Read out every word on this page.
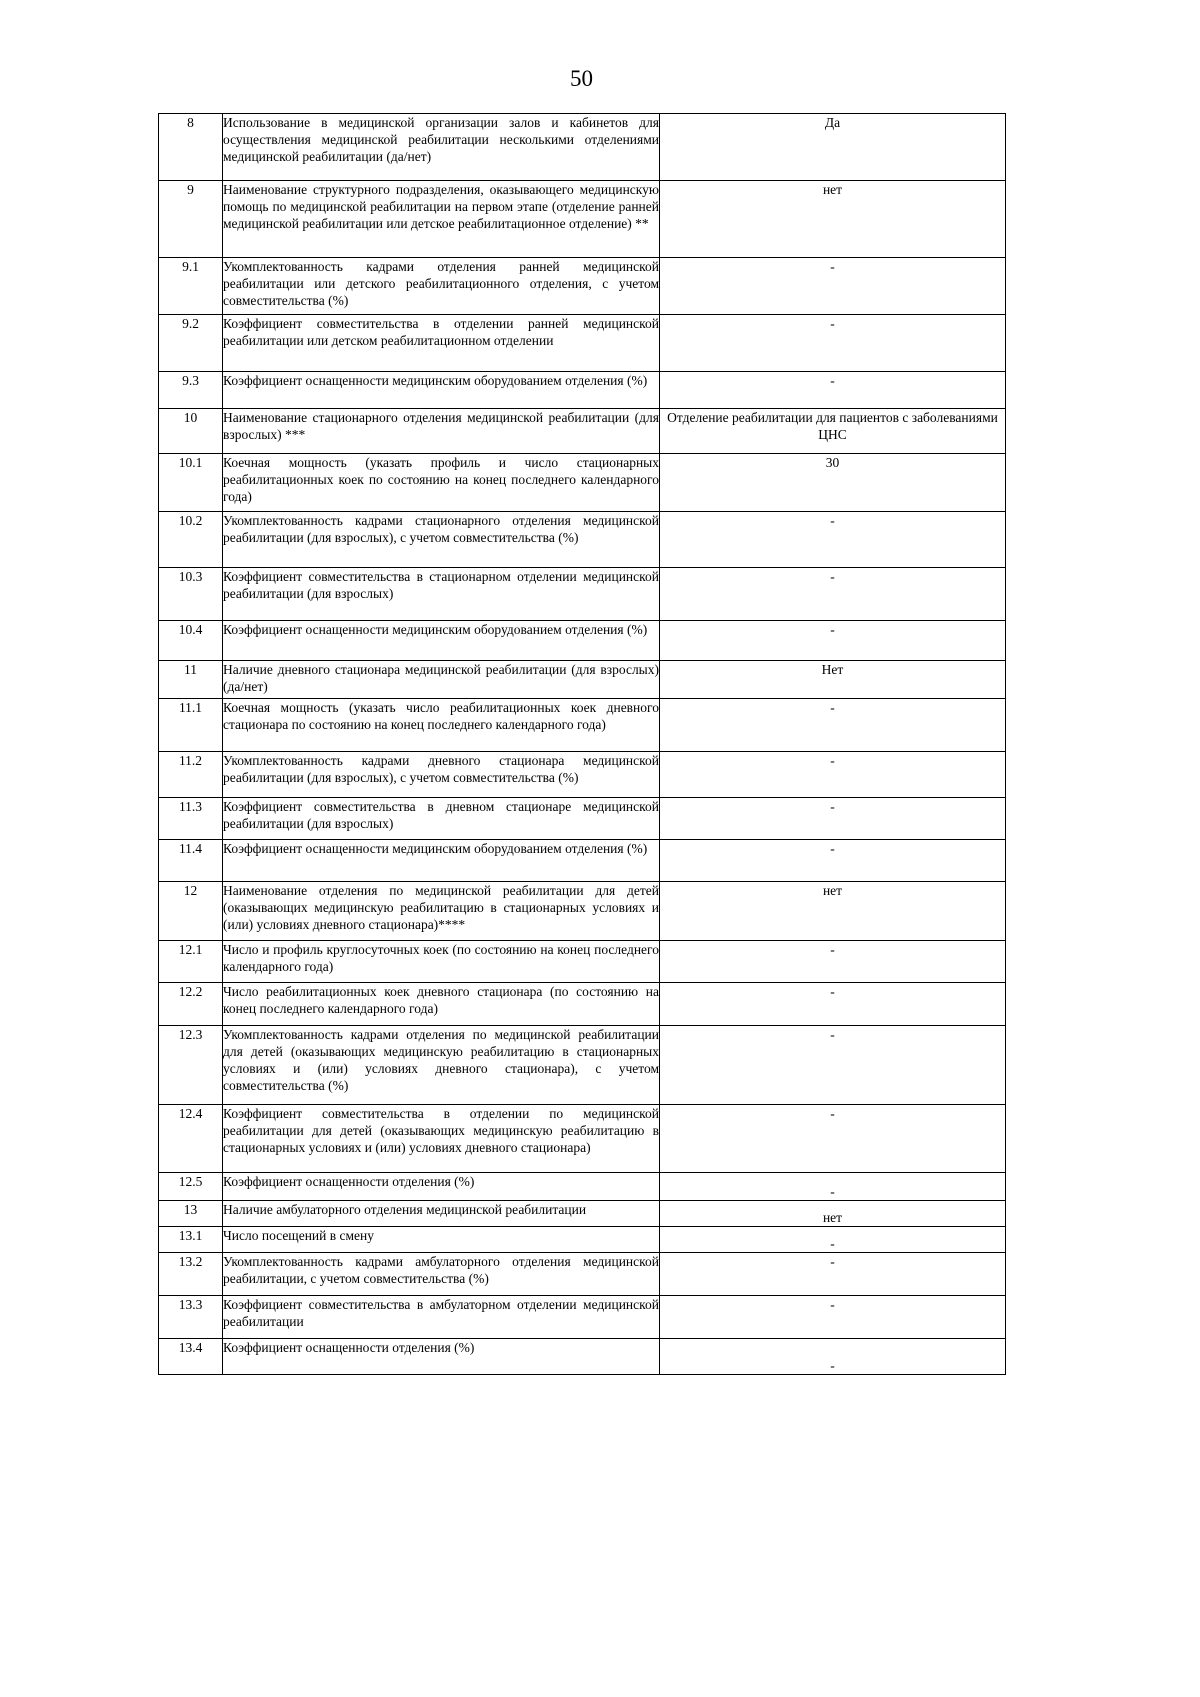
50
8	Использование в медицинской организации залов и кабинетов для осуществления медицинской реабилитации несколькими отделениями медицинской реабилитации (да/нет)	Да
9	Наименование структурного подразделения, оказывающего медицинскую помощь по медицинской реабилитации на первом этапе (отделение ранней медицинской реабилитации или детское реабилитационное отделение) **	нет
9.1	Укомплектованность кадрами отделения ранней медицинской реабилитации или детского реабилитационного отделения, с учетом совместительства (%)	-
9.2	Коэффициент совместительства в отделении ранней медицинской реабилитации или детском реабилитационном отделении	-
9.3	Коэффициент оснащенности медицинским оборудованием отделения (%)	-
10	Наименование стационарного отделения медицинской реабилитации (для взрослых) ***	Отделение реабилитации для пациентов с заболеваниями ЦНС
10.1	Коечная мощность (указать профиль и число стационарных реабилитационных коек по состоянию на конец последнего календарного года)	30
10.2	Укомплектованность кадрами стационарного отделения медицинской реабилитации (для взрослых), с учетом совместительства (%)	-
10.3	Коэффициент совместительства в стационарном отделении медицинской реабилитации (для взрослых)	-
10.4	Коэффициент оснащенности медицинским оборудованием отделения (%)	-
11	Наличие дневного стационара медицинской реабилитации (для взрослых) (да/нет)	Нет
11.1	Коечная мощность (указать число реабилитационных коек дневного стационара по состоянию на конец последнего календарного года)	-
11.2	Укомплектованность кадрами дневного стационара медицинской реабилитации (для взрослых), с учетом совместительства (%)	-
11.3	Коэффициент совместительства в дневном стационаре медицинской реабилитации (для взрослых)	-
11.4	Коэффициент оснащенности медицинским оборудованием отделения (%)	-
12	Наименование отделения по медицинской реабилитации для детей (оказывающих медицинскую реабилитацию в стационарных условиях и (или) условиях дневного стационара)****	нет
12.1	Число и профиль круглосуточных коек (по состоянию на конец последнего календарного года)	-
12.2	Число реабилитационных коек дневного стационара (по состоянию на конец последнего календарного года)	-
12.3	Укомплектованность кадрами отделения по медицинской реабилитации для детей (оказывающих медицинскую реабилитацию в стационарных условиях и (или) условиях дневного стационара), с учетом совместительства (%)	-
12.4	Коэффициент совместительства в отделении по медицинской реабилитации для детей (оказывающих медицинскую реабилитацию в стационарных условиях и (или) условиях дневного стационара)	-
12.5	Коэффициент оснащенности отделения (%)	-
13	Наличие амбулаторного отделения медицинской реабилитации	нет
13.1	Число посещений в смену	-
13.2	Укомплектованность кадрами амбулаторного отделения медицинской реабилитации, с учетом совместительства (%)	-
13.3	Коэффициент совместительства в амбулаторном отделении медицинской реабилитации	-
13.4	Коэффициент оснащенности отделения (%)	-
